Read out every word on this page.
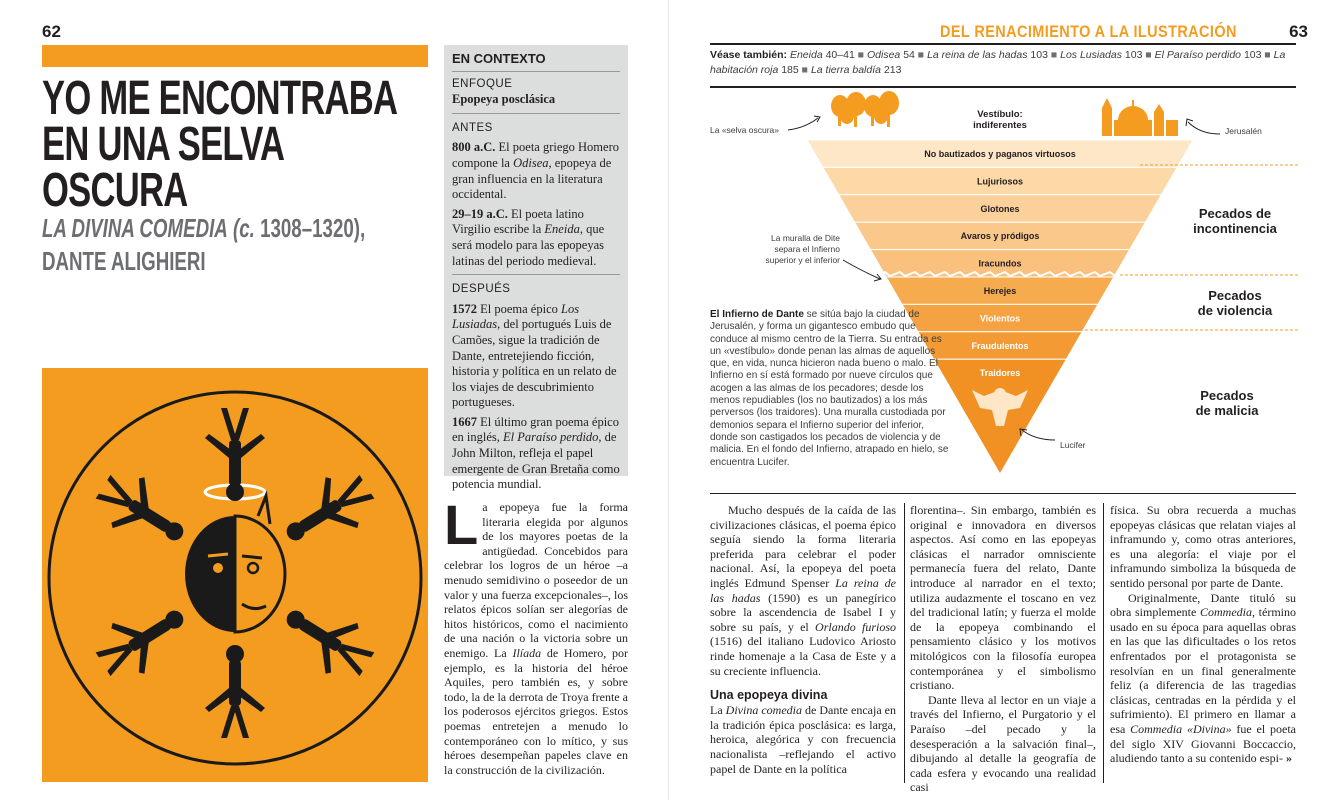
62
YO ME ENCONTRABA
EN UNA SELVA
OSCURA
LA DIVINA COMEDIA (c. 1308–1320),
DANTE ALIGHIERI
EN CONTEXTO
ENFOQUE
Epopeya posclásica
ANTES

800 a.C. El poeta griego Homero compone la Odisea, epopeya de gran influencia en la literatura occidental.

29–19 a.C. El poeta latino Virgilio escribe la Eneida, que será modelo para las epopeyas latinas del periodo medieval.

DESPUÉS

1572 El poema épico Los Lusiadas, del portugués Luis de Camões, sigue la tradición de Dante, entretejiendo ficción, historia y política en un relato de los viajes de descubrimiento portugueses.

1667 El último gran poema épico en inglés, El Paraíso perdido, de John Milton, refleja el papel emergente de Gran Bretaña como potencia mundial.

La epopeya fue la forma literaria elegida por algunos de los mayores poetas de la antigüedad. Concebidos para celebrar los logros de un héroe –a menudo semidivino o poseedor de un valor y una fuerza excepcionales–, los relatos épicos solían ser alegorías de hitos históricos, como el nacimiento de una nación o la victoria sobre un enemigo. La Ilíada de Homero, por ejemplo, es la historia del héroe Aquiles, pero también es, y sobre todo, la de la derrota de Troya frente a los poderosos ejércitos griegos. Estos poemas entretejen a menudo lo contemporáneo con lo mítico, y sus héroes desempeñan papeles clave en la construcción de la civilización.
DEL RENACIMIENTO A LA ILUSTRACIÓN	63
Véase también: Eneida 40–41 ■ Odisea 54 ■ La reina de las hadas 103 ■ Los Lusiadas 103 ■ El Paraíso perdido 103 ■ La habitación roja 185 ■ La tierra baldía 213
No bautizados y paganos virtuosos
Lujuriosos
Glotones
Avaros y pródigos
Iracundos
Herejes
Violentos
Fraudulentos
Traidores
Vestíbulo:
indiferentes
La «selva oscura»	Jerusalén
La muralla de Dite
separa el Infierno
superior y el inferior
Lucifer
Pecados de
incontinencia
Pecados
de violencia
Pecados
de malicia
El Infierno de Dante se sitúa bajo la ciudad de Jerusalén, y forma un gigantesco embudo que conduce al mismo centro de la Tierra. Su entrada es un «vestíbulo» donde penan las almas de aquellos que, en vida, nunca hicieron nada bueno o malo. El Infierno en sí está formado por nueve círculos que acogen a las almas de los pecadores; desde los menos repudiables (los no bautizados) a los más perversos (los traidores). Una muralla custodiada por demonios separa el Infierno superior del inferior, donde son castigados los pecados de violencia y de malicia. En el fondo del Infierno, atrapado en hielo, se encuentra Lucifer.

Mucho después de la caída de las civilizaciones clásicas, el poema épico seguía siendo la forma literaria preferida para celebrar el poder nacional. Así, la epopeya del poeta inglés Edmund Spenser La reina de las hadas (1590) es un panegírico sobre la ascendencia de Isabel I y sobre su país, y el Orlando furioso (1516) del italiano Ludovico Ariosto rinde homenaje a la Casa de Este y a su creciente influencia.

Una epopeya divina

La Divina comedia de Dante encaja en la tradición épica posclásica: es larga, heroica, alegórica y con frecuencia nacionalista –reflejando el activo papel de Dante en la política

florentina–. Sin embargo, también es original e innovadora en diversos aspectos. Así como en las epopeyas clásicas el narrador omnisciente permanecía fuera del relato, Dante introduce al narrador en el texto; utiliza audazmente el toscano en vez del tradicional latín; y fuerza el molde de la epopeya combinando el pensamiento clásico y los motivos mitológicos con la filosofía europea contemporánea y el simbolismo cristiano.

Dante lleva al lector en un viaje a través del Infierno, el Purgatorio y el Paraíso –del pecado y la desesperación a la salvación final–, dibujando al detalle la geografía de cada esfera y evocando una realidad casi

física. Su obra recuerda a muchas epopeyas clásicas que relatan viajes al inframundo y, como otras anteriores, es una alegoría: el viaje por el inframundo simboliza la búsqueda de sentido personal por parte de Dante.

Originalmente, Dante tituló su obra simplemente Commedia, término usado en su época para aquellas obras en las que las dificultades o los retos enfrentados por el protagonista se resolvían en un final generalmente feliz (a diferencia de las tragedias clásicas, centradas en la pérdida y el sufrimiento). El primero en llamar a esa Commedia «Divina» fue el poeta del siglo XIV Giovanni Boccaccio, aludiendo tanto a su contenido espi- »
